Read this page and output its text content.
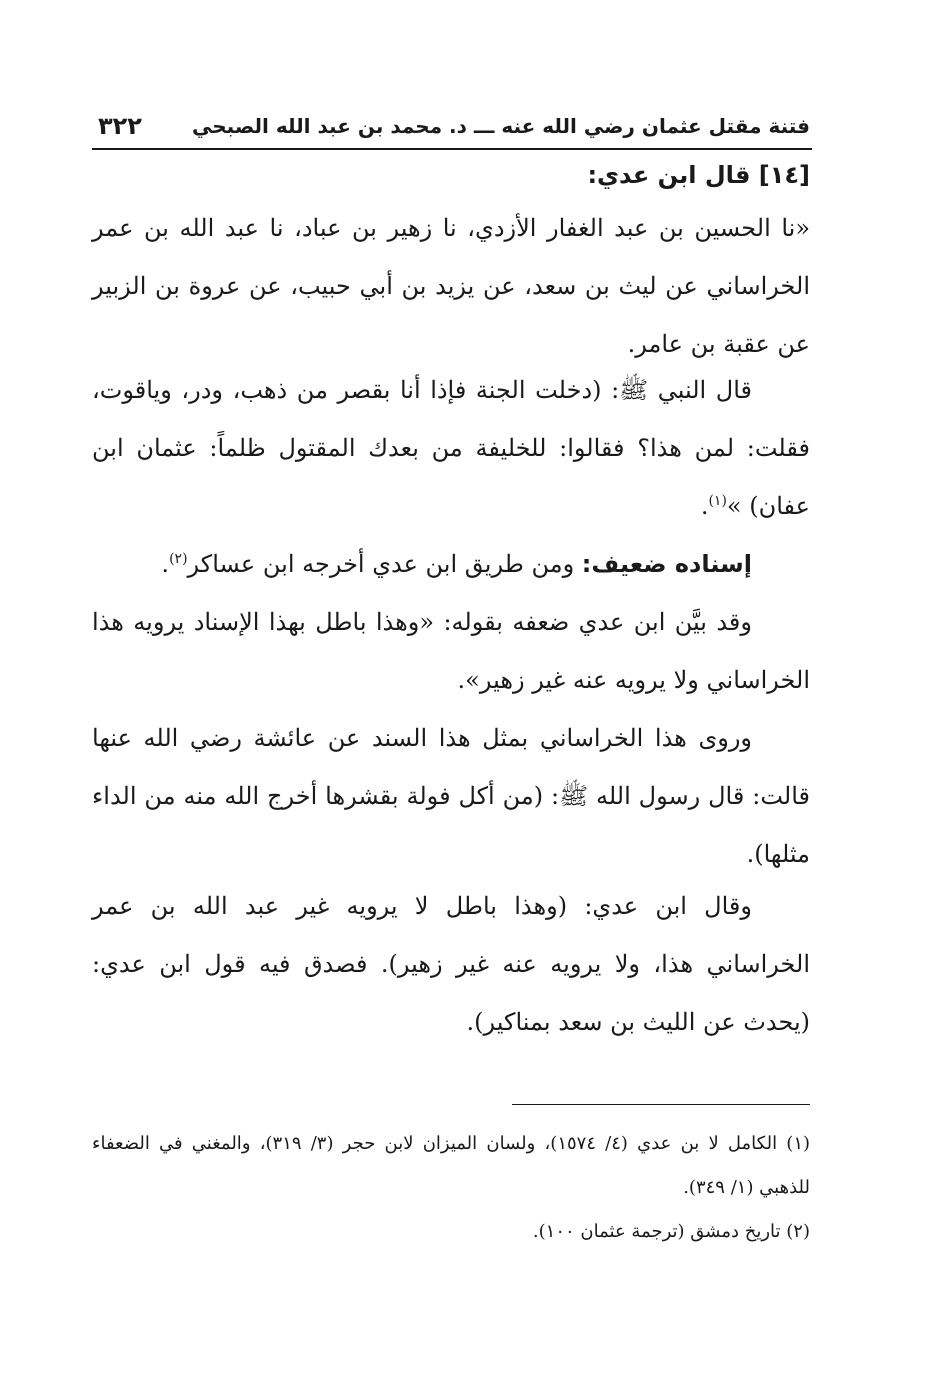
فتنة مقتل عثمان رضي الله عنه ـــ د. محمد بن عبد الله الصبحي
٣٢٢
[١٤] قال ابن عدي:

«نا الحسين بن عبد الغفار الأزدي، نا زهير بن عباد، نا عبد الله بن عمر الخراساني عن ليث بن سعد، عن يزيد بن أبي حبيب، عن عروة بن الزبير عن عقبة بن عامر.

قال النبي ﷺ: (دخلت الجنة فإذا أنا بقصر من ذهب، ودر، وياقوت، فقلت: لمن هذا؟ فقالوا: للخليفة من بعدك المقتول ظلماً: عثمان ابن عفان) »$^{(١)}$.

إسناده ضعيف: ومن طريق ابن عدي أخرجه ابن عساكر$^{(٢)}$.

وقد بيَّن ابن عدي ضعفه بقوله: «وهذا باطل بهذا الإسناد يرويه هذا الخراساني ولا يرويه عنه غير زهير».

وروى هذا الخراساني بمثل هذا السند عن عائشة رضي الله عنها قالت: قال رسول الله ﷺ: (من أكل فولة بقشرها أخرج الله منه من الداء مثلها).

وقال ابن عدي: (وهذا باطل لا يرويه غير عبد الله بن عمر الخراساني هذا، ولا يرويه عنه غير زهير). فصدق فيه قول ابن عدي: (يحدث عن الليث بن سعد بمناكير).

(١) الكامل لا بن عدي (٤/ ١٥٧٤)، ولسان الميزان لابن حجر (٣/ ٣١٩)، والمغني في الضعفاء للذهبي (١/ ٣٤٩).

(٢) تاريخ دمشق (ترجمة عثمان ١٠٠).
